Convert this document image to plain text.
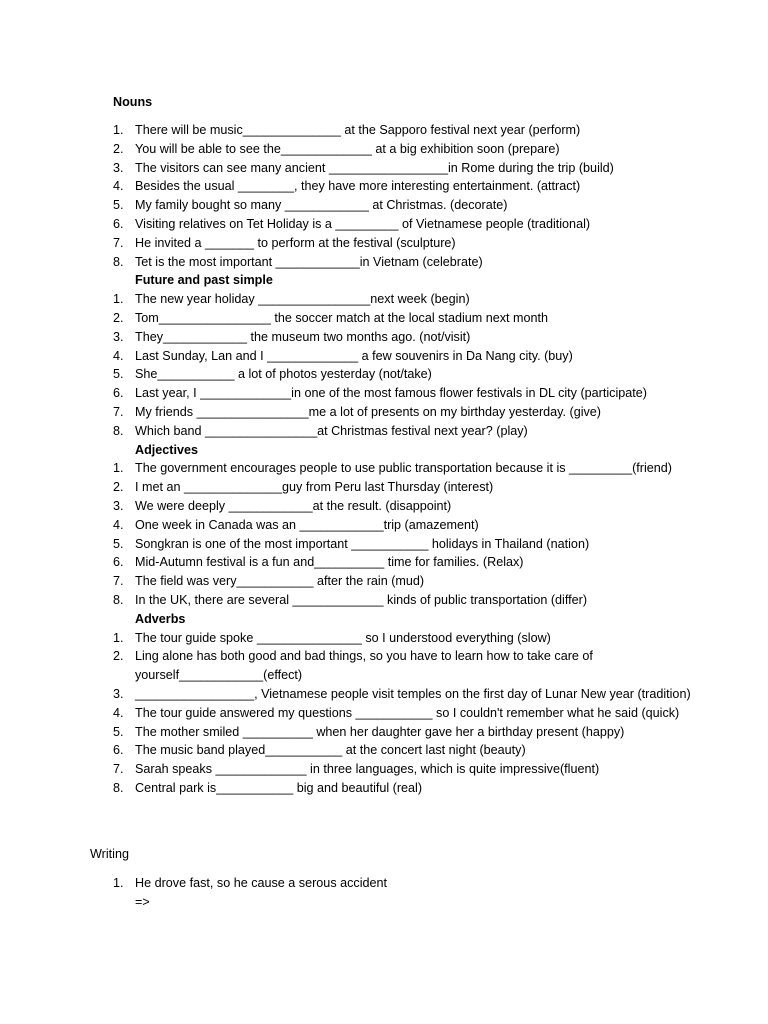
Nouns
1. There will be music______________ at the Sapporo festival next year (perform)
2. You will be able to see the_____________ at a big exhibition soon (prepare)
3. The visitors can see many ancient _________________in Rome during the trip (build)
4. Besides the usual ________, they have more interesting entertainment. (attract)
5. My family bought so many ____________ at Christmas. (decorate)
6. Visiting relatives on Tet Holiday is a _________ of Vietnamese people (traditional)
7. He invited a _______ to perform at the festival (sculpture)
8. Tet is the most important ____________in Vietnam (celebrate)
Future and past simple
1. The new year holiday ________________next week (begin)
2. Tom________________ the soccer match at the local stadium next month
3. They____________ the museum two months ago. (not/visit)
4. Last Sunday, Lan and I _____________ a few souvenirs in Da Nang city. (buy)
5. She___________ a lot of photos yesterday (not/take)
6. Last year, I _____________in one of the most famous flower festivals in DL city (participate)
7. My friends ________________me a lot of presents on my birthday yesterday. (give)
8. Which band ________________at Christmas festival next year? (play)
Adjectives
1. The government encourages people to use public transportation because it is _________(friend)
2. I met an ______________guy from Peru last Thursday (interest)
3. We were deeply ____________at the result. (disappoint)
4. One week in Canada was an ____________trip (amazement)
5. Songkran is one of the most important ___________ holidays in Thailand (nation)
6. Mid-Autumn festival is a fun and__________ time for families. (Relax)
7. The field was very___________ after the rain (mud)
8. In the UK, there are several _____________ kinds of public transportation (differ)
Adverbs
1. The tour guide spoke _______________ so I understood everything (slow)
2. Ling alone has both good and bad things, so you have to learn how to take care of yourself____________(effect)
3. _________________, Vietnamese people visit temples on the first day of Lunar New year (tradition)
4. The tour guide answered my questions ___________ so I couldn't remember what he said (quick)
5. The mother smiled __________ when her daughter gave her a birthday present (happy)
6. The music band played___________ at the concert last night (beauty)
7. Sarah speaks _____________ in three languages, which is quite impressive(fluent)
8. Central park is___________ big and beautiful (real)
Writing
1. He drove fast, so he cause a serous accident
=>
